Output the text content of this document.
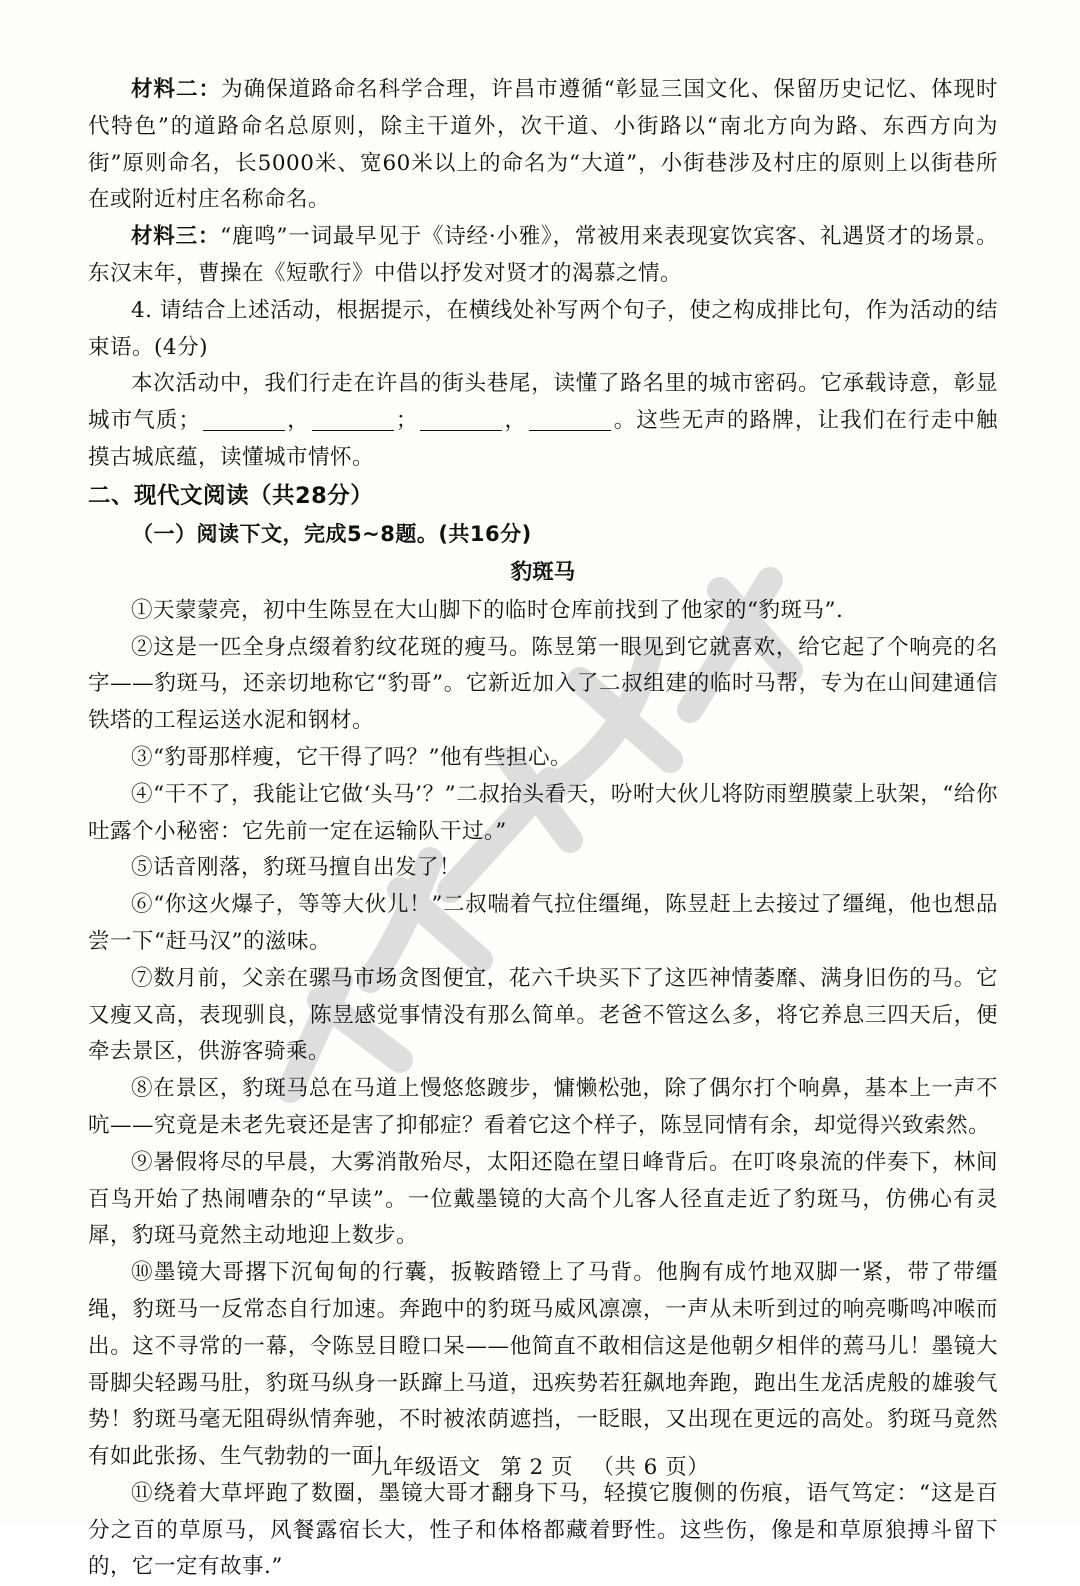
材料二：为确保道路命名科学合理，许昌市遵循“彰显三国文化、保留历史记忆、体现时代特色”的道路命名总原则，除主干道外，次干道、小街路以“南北方向为路、东西方向为街”原则命名，长5000米、宽60米以上的命名为“大道”，小街巷涉及村庄的原则上以街巷所在或附近村庄名称命名。

材料三：“鹿鸣”一词最早见于《诗经·小雅》，常被用来表现宴饮宾客、礼遇贤才的场景。东汉末年，曹操在《短歌行》中借以抒发对贤才的渴慕之情。

4. 请结合上述活动，根据提示，在横线处补写两个句子，使之构成排比句，作为活动的结束语。(4分)

本次活动中，我们行走在许昌的街头巷尾，读懂了路名里的城市密码。它承载诗意，彰显城市气质；	，	；	，	。这些无声的路牌，让我们在行走中触摸古城底蕴，读懂城市情怀。

二、现代文阅读（共28分）

（一）阅读下文，完成5~8题。(共16分)

豹斑马

①天蒙蒙亮，初中生陈昱在大山脚下的临时仓库前找到了他家的“豹斑马”.

②这是一匹全身点缀着豹纹花斑的瘦马。陈昱第一眼见到它就喜欢，给它起了个响亮的名字——豹斑马，还亲切地称它“豹哥”。它新近加入了二叔组建的临时马帮，专为在山间建通信铁塔的工程运送水泥和钢材。

③“豹哥那样瘦，它干得了吗？”他有些担心。

④“干不了，我能让它做‘头马’？”二叔抬头看天，吩咐大伙儿将防雨塑膜蒙上驮架，“给你吐露个小秘密：它先前一定在运输队干过。”

⑤话音刚落，豹斑马擅自出发了！

⑥“你这火爆子，等等大伙儿！”二叔喘着气拉住缰绳，陈昱赶上去接过了缰绳，他也想品尝一下“赶马汉”的滋味。

⑦数月前，父亲在骡马市场贪图便宜，花六千块买下了这匹神情萎靡、满身旧伤的马。它又瘦又高，表现驯良，陈昱感觉事情没有那么简单。老爸不管这么多，将它养息三四天后，便牵去景区，供游客骑乘。

⑧在景区，豹斑马总在马道上慢悠悠踱步，慵懒松弛，除了偶尔打个响鼻，基本上一声不吭——究竟是未老先衰还是害了抑郁症？看着它这个样子，陈昱同情有余，却觉得兴致索然。

⑨暑假将尽的早晨，大雾消散殆尽，太阳还隐在望日峰背后。在叮咚泉流的伴奏下，林间百鸟开始了热闹嘈杂的“早读”。一位戴墨镜的大高个儿客人径直走近了豹斑马，仿佛心有灵犀，豹斑马竟然主动地迎上数步。

⑩墨镜大哥撂下沉甸甸的行囊，扳鞍踏镫上了马背。他胸有成竹地双脚一紧，带了带缰绳，豹斑马一反常态自行加速。奔跑中的豹斑马威风凛凛，一声从未听到过的响亮嘶鸣冲喉而出。这不寻常的一幕，令陈昱目瞪口呆——他简直不敢相信这是他朝夕相伴的蔫马儿！墨镜大哥脚尖轻踢马肚，豹斑马纵身一跃蹿上马道，迅疾势若狂飙地奔跑，跑出生龙活虎般的雄骏气势！豹斑马毫无阻碍纵情奔驰，不时被浓荫遮挡，一眨眼，又出现在更远的高处。豹斑马竟然有如此张扬、生气勃勃的一面！

⑪绕着大草坪跑了数圈，墨镜大哥才翻身下马，轻摸它腹侧的伤痕，语气笃定：“这是百分之百的草原马，风餐露宿长大，性子和体格都藏着野性。这些伤，像是和草原狼搏斗留下的，它一定有故事.”

九年级语文 第 2 页 （共 6 页）
